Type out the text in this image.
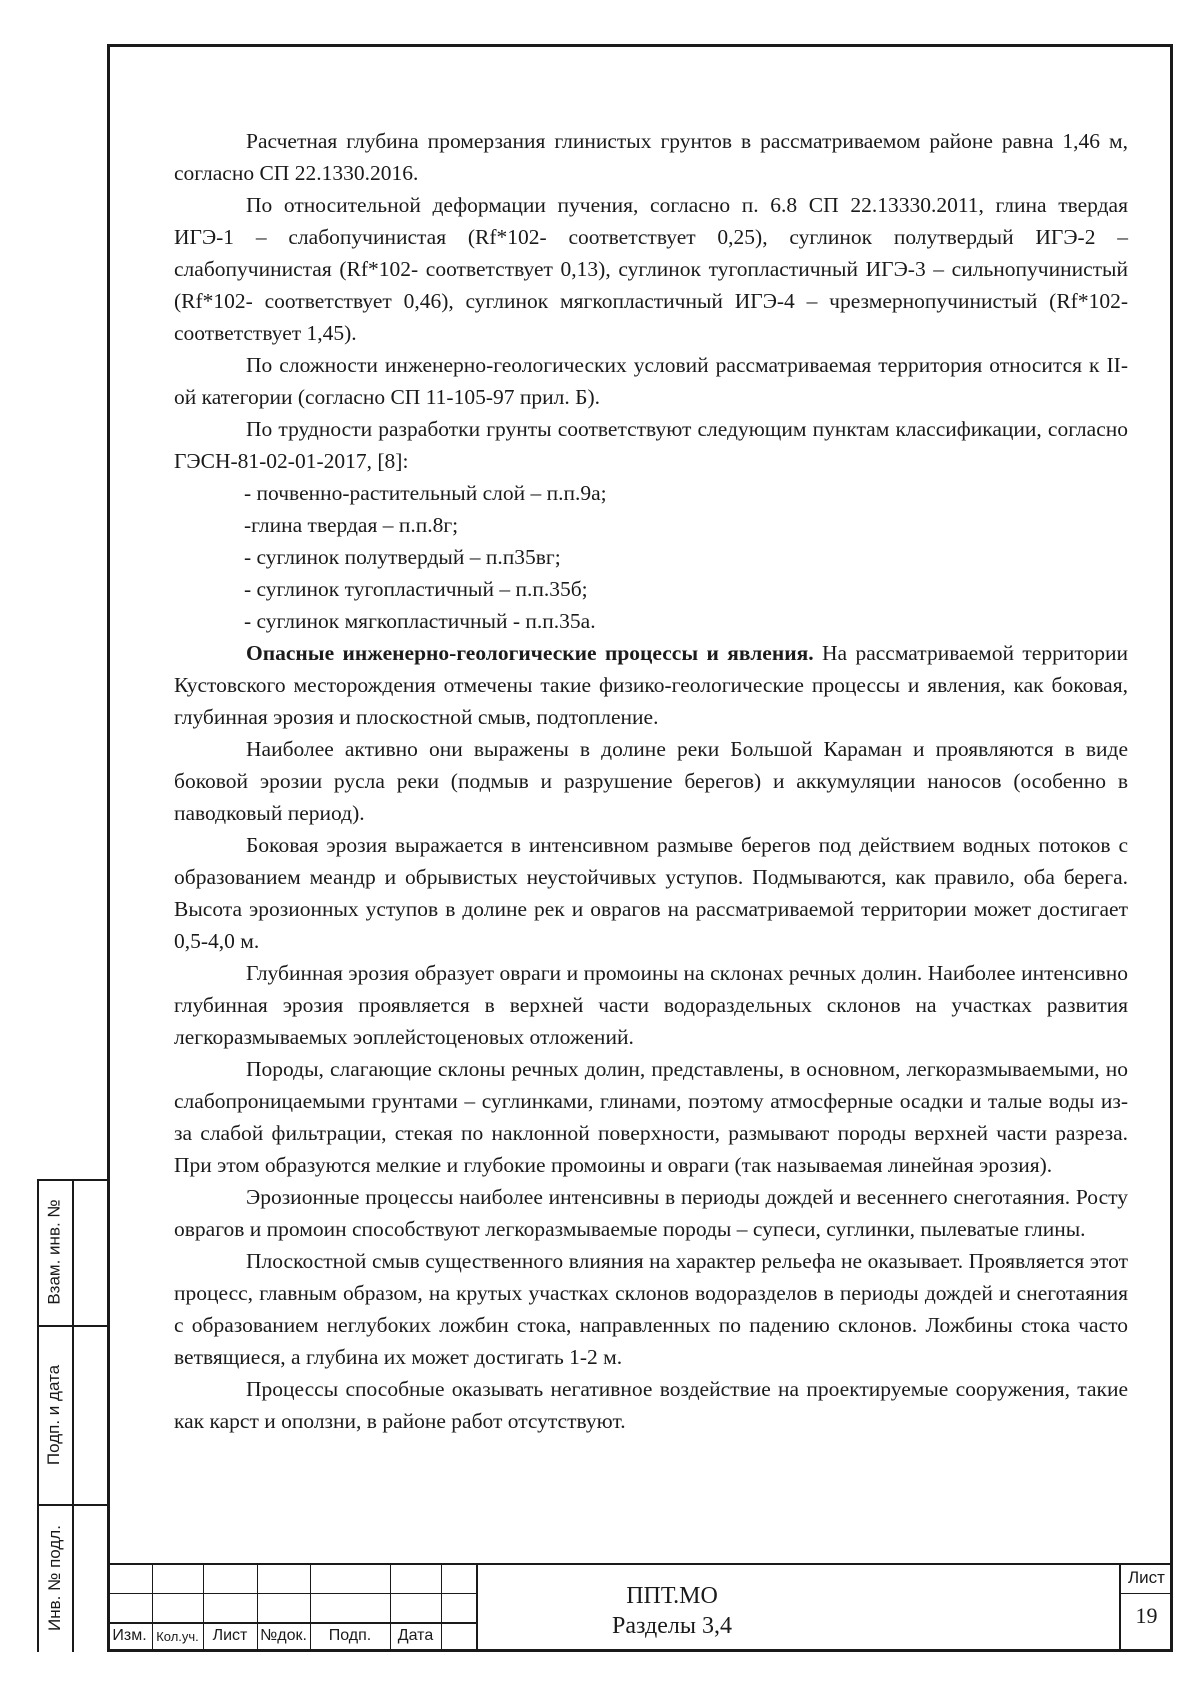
Расчетная глубина промерзания глинистых грунтов в рассматриваемом районе равна 1,46 м, согласно СП 22.1330.2016.

По относительной деформации пучения, согласно п. 6.8 СП 22.13330.2011, глина твердая ИГЭ-1 – слабопучинистая (Rf*102- соответствует 0,25), суглинок полутвердый ИГЭ-2 – слабопучинистая (Rf*102- соответствует 0,13), суглинок тугопластичный ИГЭ-3 – сильнопучинистый (Rf*102- соответствует 0,46), суглинок мягкопластичный ИГЭ-4 – чрезмернопучинистый (Rf*102- соответствует 1,45).

По сложности инженерно-геологических условий рассматриваемая территория относится к II-ой категории (согласно СП 11-105-97 прил. Б).

По трудности разработки грунты соответствуют следующим пунктам классификации, согласно ГЭСН-81-02-01-2017, [8]:

- почвенно-растительный слой – п.п.9а;

-глина твердая – п.п.8г;

- суглинок полутвердый – п.п35вг;

- суглинок тугопластичный – п.п.35б;

- суглинок мягкопластичный - п.п.35а.

Опасные инженерно-геологические процессы и явления. На рассматриваемой территории Кустовского месторождения отмечены такие физико-геологические процессы и явления, как боковая, глубинная эрозия и плоскостной смыв, подтопление.

Наиболее активно они выражены в долине реки Большой Караман и проявляются в виде боковой эрозии русла реки (подмыв и разрушение берегов) и аккумуляции наносов (особенно в паводковый период).

Боковая эрозия выражается в интенсивном размыве берегов под действием водных потоков с образованием меандр и обрывистых неустойчивых уступов. Подмываются, как правило, оба берега. Высота эрозионных уступов в долине рек и оврагов на рассматриваемой территории может достигает 0,5-4,0 м.

Глубинная эрозия образует овраги и промоины на склонах речных долин. Наиболее интенсивно глубинная эрозия проявляется в верхней части водораздельных склонов на участках развития легкоразмываемых эоплейстоценовых отложений.

Породы, слагающие склоны речных долин, представлены, в основном, легкоразмываемыми, но слабопроницаемыми грунтами – суглинками, глинами, поэтому атмосферные осадки и талые воды из-за слабой фильтрации, стекая по наклонной поверхности, размывают породы верхней части разреза. При этом образуются мелкие и глубокие промоины и овраги (так называемая линейная эрозия).

Эрозионные процессы наиболее интенсивны в периоды дождей и весеннего снеготаяния. Росту оврагов и промоин способствуют легкоразмываемые породы – супеси, суглинки, пылеватые глины.

Плоскостной смыв существенного влияния на характер рельефа не оказывает. Проявляется этот процесс, главным образом, на крутых участках склонов водоразделов в периоды дождей и снеготаяния с образованием неглубоких ложбин стока, направленных по падению склонов. Ложбины стока часто ветвящиеся, а глубина их может достигать 1-2 м.

Процессы способные оказывать негативное воздействие на проектируемые сооружения, такие как карст и оползни, в районе работ отсутствуют.

Взам. инв. №
Подп. и дата
Инв. № подл.
Изм. Кол.уч. Лист №док.	Подп.	Дата
ППТ.МО
Разделы 3,4
Лист
19
